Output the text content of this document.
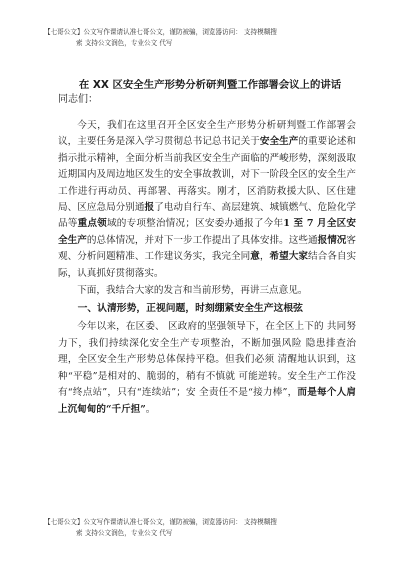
【七哥公文】公文写作课请认准七哥公文，谨防被骗，浏览器访问： 支持模糊搜
索 支持公文润色，专业公文 代写
在 XX 区安全生产形势分析研判暨工作部署会议上的讲话
同志们：

今天，我们在这里召开全区安全生产形势分析研判暨工作部署会议，主要任务是深入学习贯彻总书记总书记关于安全生产的重要论述和指示批示精神，全面分析当前我区安全生产面临的严峻形势，深刻汲取近期国内及周边地区发生的安全事故教训，对下一阶段全区的安全生产工作进行再动员、再部署、再落实。刚才，区消防救援大队、区住建局、区应急局分别通报了电动自行车、高层建筑、城镇燃气、危险化学品等重点领域的专项整治情况；区安委办通报了今年1 至 7 月全区安全生产的总体情况，并对下一步工作提出了具体安排。这些通报情况客观、分析问题精准、工作建议务实，我完全同意，希望大家结合各自实际，认真抓好贯彻落实。

下面，我结合大家的发言和当前形势，再讲三点意见。

一、认清形势，正视问题，时刻绷紧安全生产这根弦

今年以来，在区委、 区政府的坚强领导下，在全区上下的 共同努力下，我们持续深化安全生产专项整治，不断加强风险 隐患排查治理，全区安全生产形势总体保持平稳。但我们必须 清醒地认识到，这种“平稳”是相对的、脆弱的，稍有不慎就 可能逆转。安全生产工作没有“终点站”，只有“连续站”；安 全责任不是“接力棒”，而是每个人肩上沉甸甸的“千斤担”。

【七哥公文】公文写作课请认准七哥公文，谨防被骗，浏览器访问： 支持模糊搜
索 支持公文润色，专业公文 代写
